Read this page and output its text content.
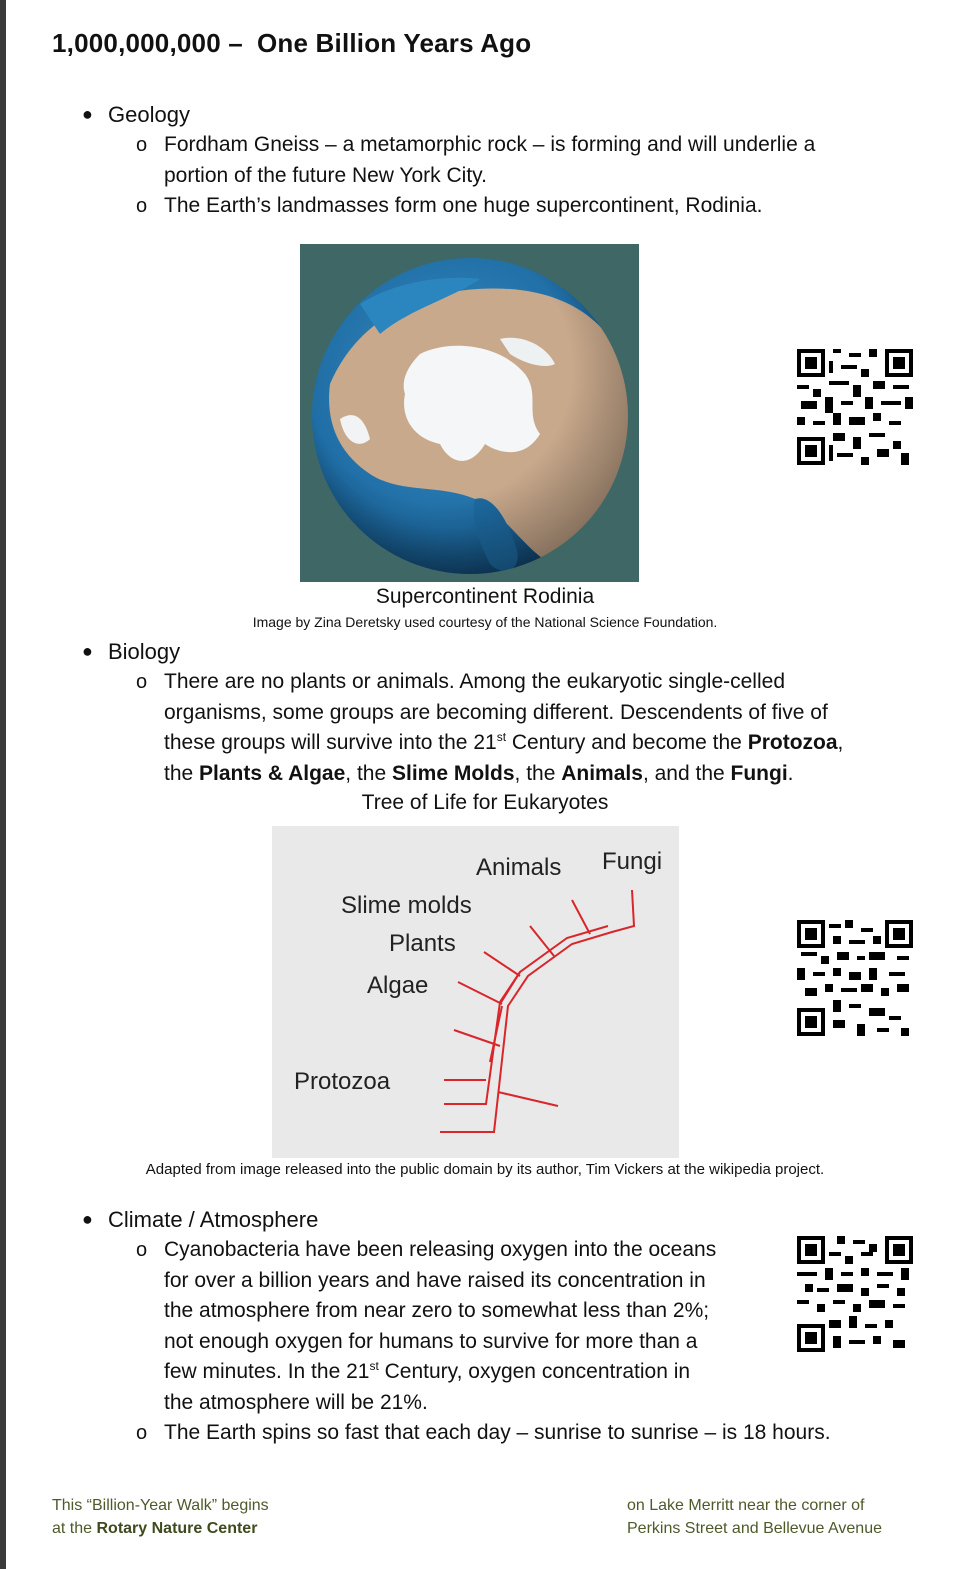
1,000,000,000 – One Billion Years Ago
● Geology
o Fordham Gneiss – a metamorphic rock – is forming and will underlie a
portion of the future New York City.
o The Earth’s landmasses form one huge supercontinent, Rodinia.
Supercontinent Rodinia
Image by Zina Deretsky used courtesy of the National Science Foundation.
● Biology
o There are no plants or animals. Among the eukaryotic single-celled
organisms, some groups are becoming different. Descendents of five of
these groups will survive into the 21st Century and become the Protozoa,
the Plants & Algae, the Slime Molds, the Animals, and the Fungi.
Tree of Life for Eukaryotes
Animals Fungi
Slime molds
Plants
Algae
Protozoa
Adapted from image released into the public domain by its author, Tim Vickers at the wikipedia project.
● Climate / Atmosphere
o Cyanobacteria have been releasing oxygen into the oceans
for over a billion years and have raised its concentration in
the atmosphere from near zero to somewhat less than 2%;
not enough oxygen for humans to survive for more than a
few minutes. In the 21st Century, oxygen concentration in
the atmosphere will be 21%.
o The Earth spins so fast that each day – sunrise to sunrise – is 18 hours.
This “Billion-Year Walk” begins
at the Rotary Nature Center
on Lake Merritt near the corner of
Perkins Street and Bellevue Avenue
